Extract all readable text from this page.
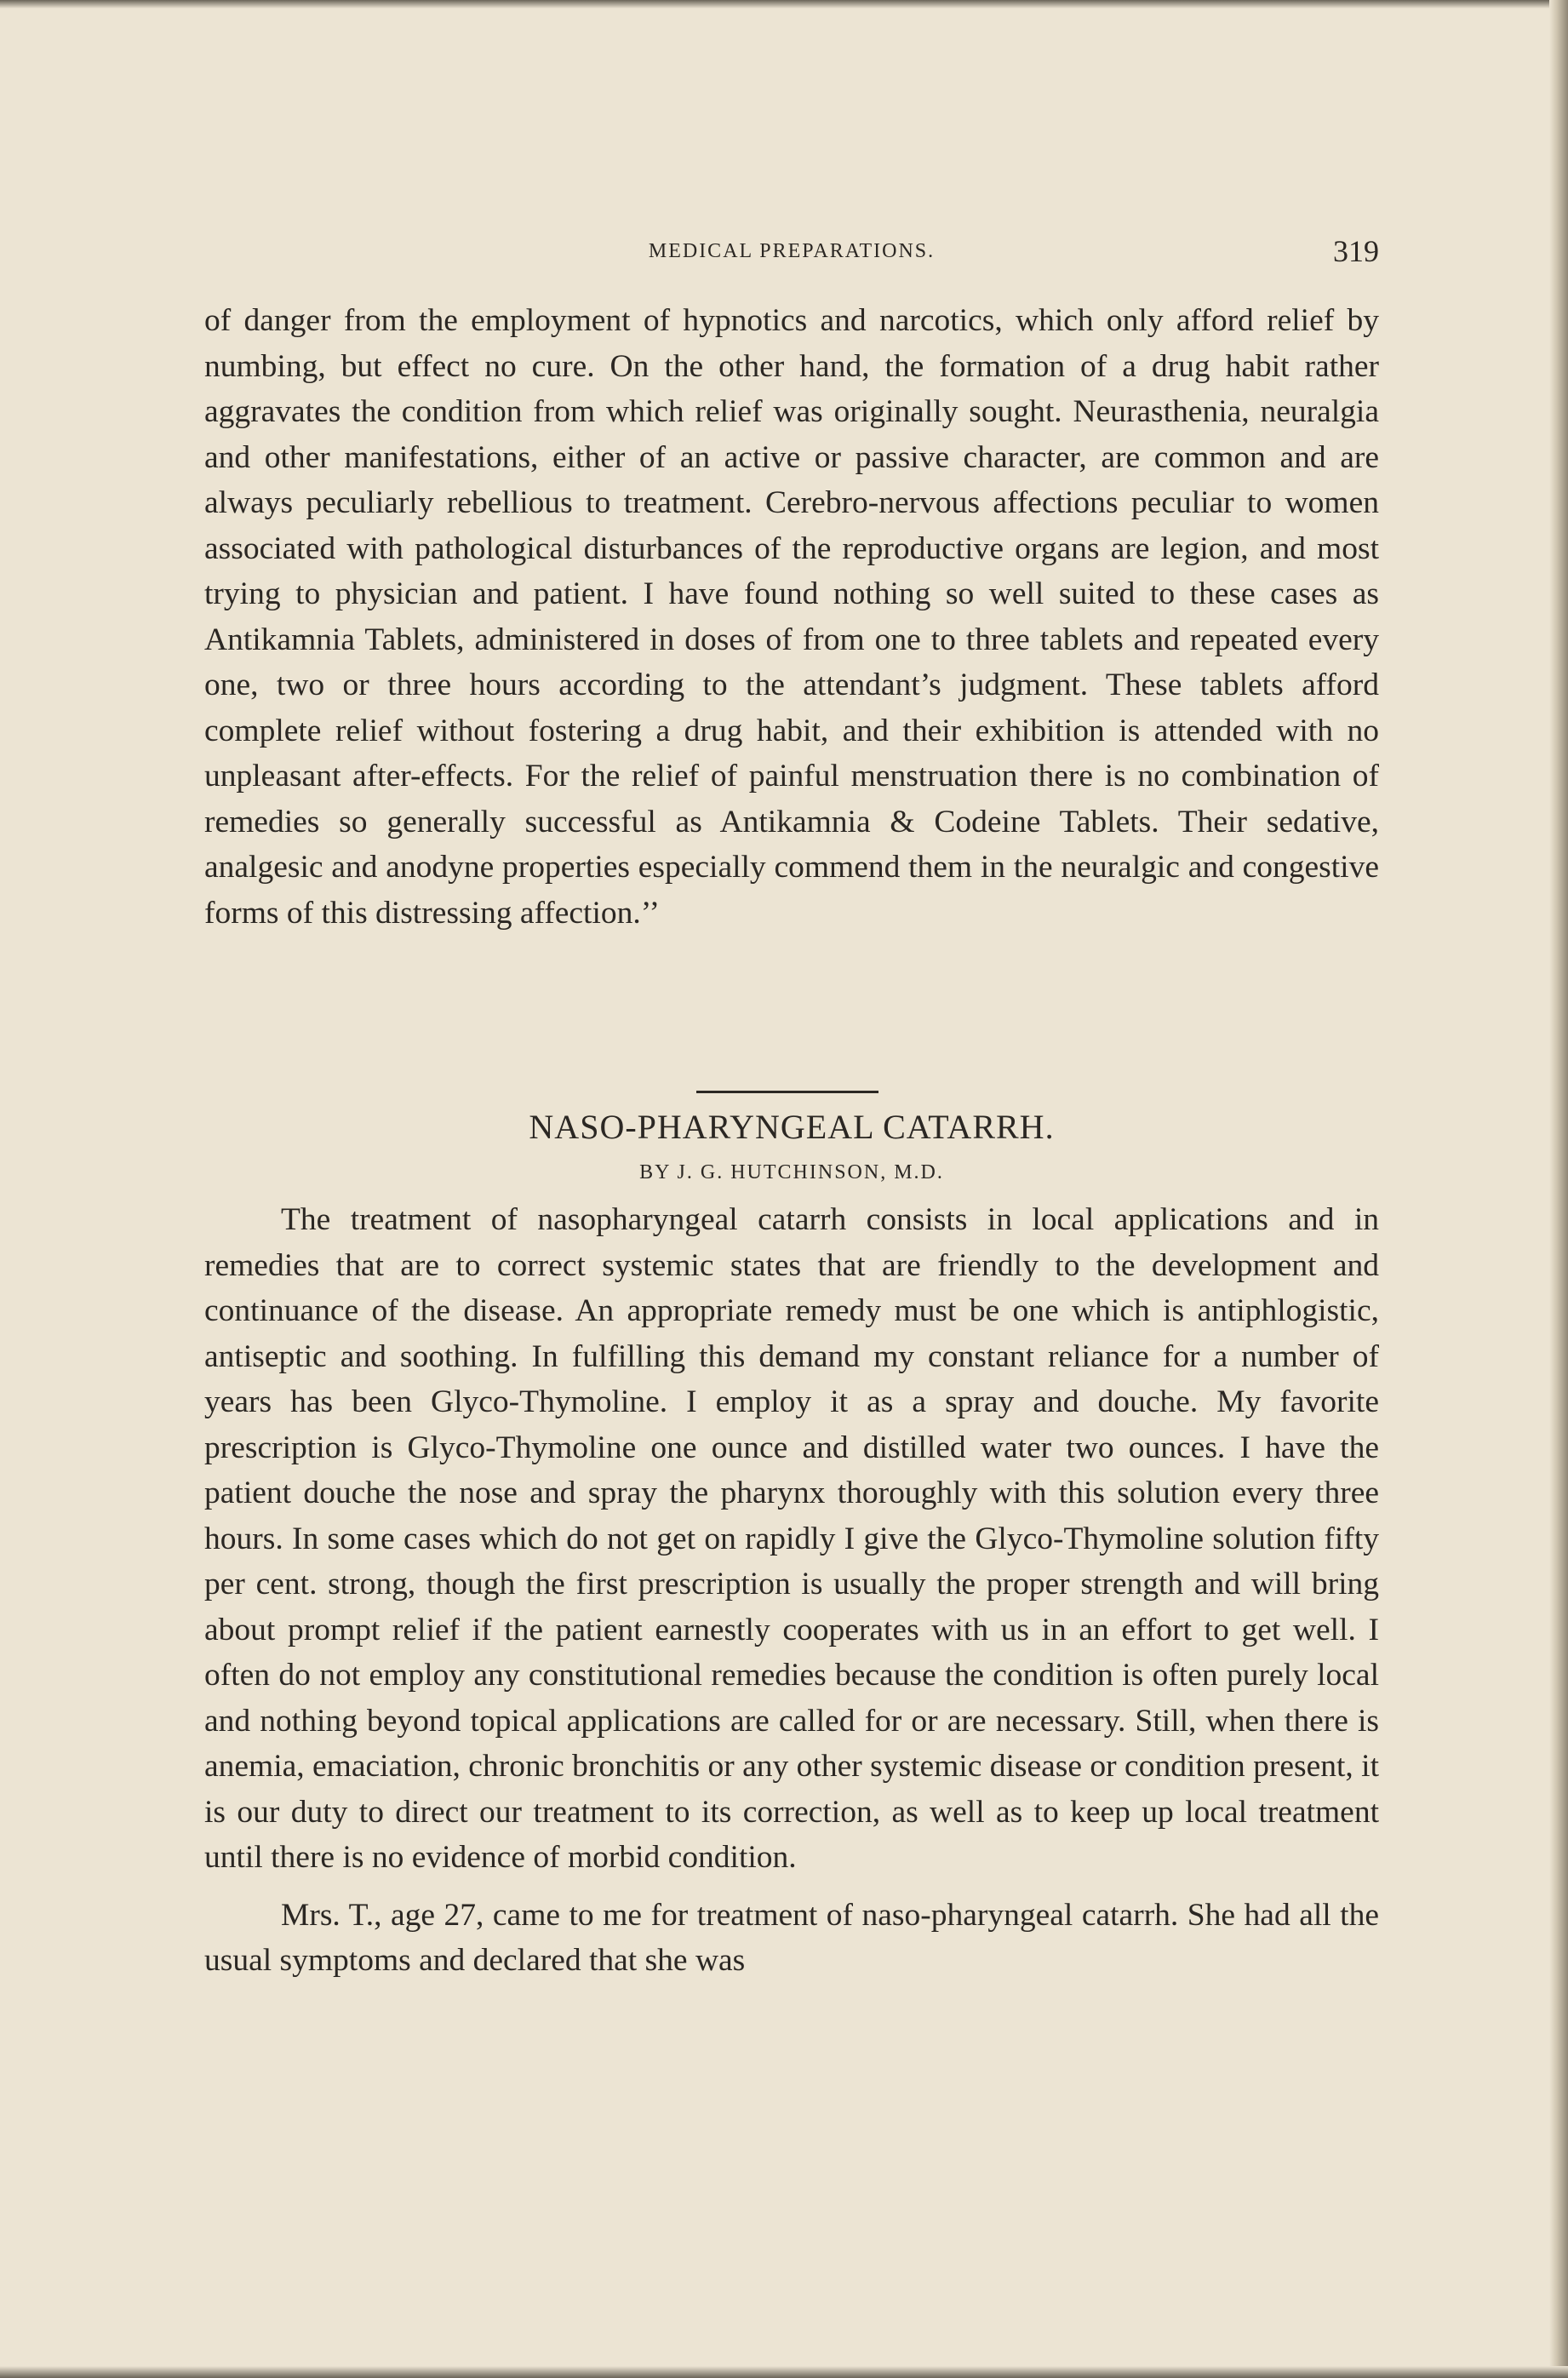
MEDICAL PREPARATIONS.	319

of danger from the employment of hypnotics and narcotics, which only afford relief by numbing, but effect no cure. On the other hand, the formation of a drug habit rather aggravates the condition from which relief was originally sought. Neurasthenia, neuralgia and other manifestations, either of an active or passive character, are common and are always peculiarly rebellious to treatment. Cerebro-nervous affections peculiar to women associated with pathological disturbances of the reproductive organs are legion, and most trying to physician and patient. I have found nothing so well suited to these cases as Antikamnia Tablets, administered in doses of from one to three tablets and repeated every one, two or three hours according to the attendant’s judgment. These tablets afford complete relief without fostering a drug habit, and their exhibition is attended with no unpleasant after-effects. For the relief of painful menstruation there is no combination of remedies so generally successful as Antikamnia & Codeine Tablets. Their sedative, analgesic and anodyne properties especially commend them in the neuralgic and congestive forms of this distressing affection.’’

NASO-PHARYNGEAL CATARRH.
BY J. G. HUTCHINSON, M.D.

The treatment of nasopharyngeal catarrh consists in local applications and in remedies that are to correct systemic states that are friendly to the development and continuance of the disease. An appropriate remedy must be one which is antiphlogistic, antiseptic and soothing. In fulfilling this demand my constant reliance for a number of years has been Glyco-Thymoline. I employ it as a spray and douche. My favorite prescription is Glyco-Thymoline one ounce and distilled water two ounces. I have the patient douche the nose and spray the pharynx thoroughly with this solution every three hours. In some cases which do not get on rapidly I give the Glyco-Thymoline solution fifty per cent. strong, though the first prescription is usually the proper strength and will bring about prompt relief if the patient earnestly cooperates with us in an effort to get well. I often do not employ any constitutional remedies because the condition is often purely local and nothing beyond topical applications are called for or are necessary. Still, when there is anemia, emaciation, chronic bronchitis or any other systemic disease or condition present, it is our duty to direct our treatment to its correction, as well as to keep up local treatment until there is no evidence of morbid condition.

Mrs. T., age 27, came to me for treatment of naso-pharyngeal catarrh. She had all the usual symptoms and declared that she was
